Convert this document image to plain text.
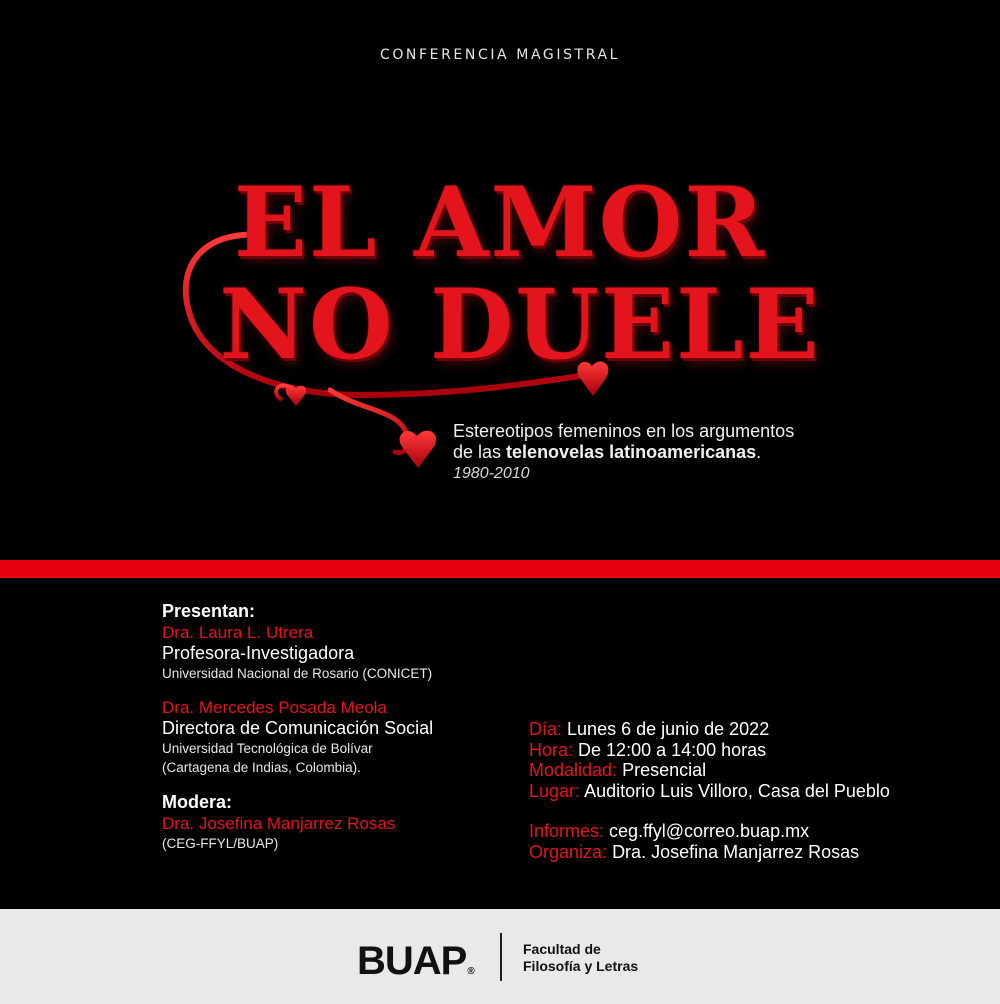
CONFERENCIA MAGISTRAL
EL AMOR
NO DUELE
Estereotipos femeninos en los argumentos
de las telenovelas latinoamericanas.
1980-2010
Presentan:
Dra. Laura L. Utrera
Profesora-Investigadora
Universidad Nacional de Rosario (CONICET)
Dra. Mercedes Posada Meola
Directora de Comunicación Social
Universidad Tecnológica de Bolívar
(Cartagena de Indias, Colombia).
Modera:
Dra. Josefina Manjarrez Rosas
(CEG-FFYL/BUAP)
Día: Lunes 6 de junio de 2022
Hora: De 12:00 a 14:00 horas
Modalidad: Presencial
Lugar: Auditorio Luis Villoro, Casa del Pueblo
Informes: ceg.ffyl@correo.buap.mx
Organiza: Dra. Josefina Manjarrez Rosas
BUAP®
Facultad de
Filosofía y Letras
